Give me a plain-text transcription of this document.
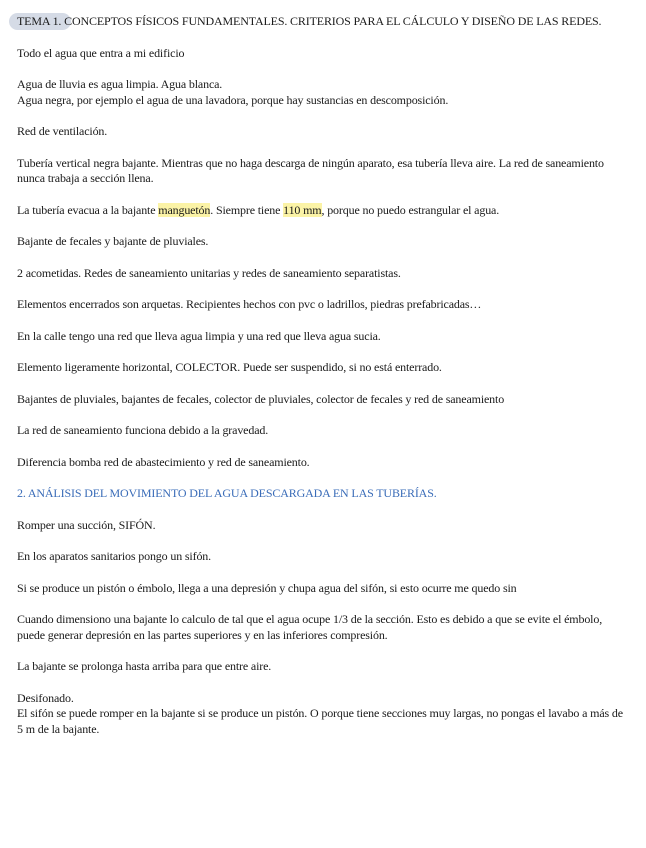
TEMA 1. CONCEPTOS FÍSICOS FUNDAMENTALES. CRITERIOS PARA EL CÁLCULO Y DISEÑO DE LAS REDES.

Todo el agua que entra a mi edificio

Agua de lluvia es agua limpia. Agua blanca.
Agua negra, por ejemplo el agua de una lavadora, porque hay sustancias en descomposición.

Red de ventilación.

Tubería vertical negra bajante. Mientras que no haga descarga de ningún aparato, esa tubería lleva aire. La red de saneamiento nunca trabaja a sección llena.

La tubería evacua a la bajante manguetón. Siempre tiene 110 mm, porque no puedo estrangular el agua.

Bajante de fecales y bajante de pluviales.

2 acometidas. Redes de saneamiento unitarias y redes de saneamiento separatistas.

Elementos encerrados son arquetas. Recipientes hechos con pvc o ladrillos, piedras prefabricadas…

En la calle tengo una red que lleva agua limpia y una red que lleva agua sucia.

Elemento ligeramente horizontal, COLECTOR. Puede ser suspendido, si no está enterrado.

Bajantes de pluviales, bajantes de fecales, colector de pluviales, colector de fecales y red de saneamiento

La red de saneamiento funciona debido a la gravedad.

Diferencia bomba red de abastecimiento y red de saneamiento.

2. ANÁLISIS DEL MOVIMIENTO DEL AGUA DESCARGADA EN LAS TUBERÍAS.

Romper una succión, SIFÓN.

En los aparatos sanitarios pongo un sifón.

Si se produce un pistón o émbolo, llega a una depresión y chupa agua del sifón, si esto ocurre me quedo sin

Cuando dimensiono una bajante lo calculo de tal que el agua ocupe 1/3 de la sección. Esto es debido a que se evite el émbolo, puede generar depresión en las partes superiores y en las inferiores compresión.

La bajante se prolonga hasta arriba para que entre aire.

Desifonado.
El sifón se puede romper en la bajante si se produce un pistón. O porque tiene secciones muy largas, no pongas el lavabo a más de 5 m de la bajante.
